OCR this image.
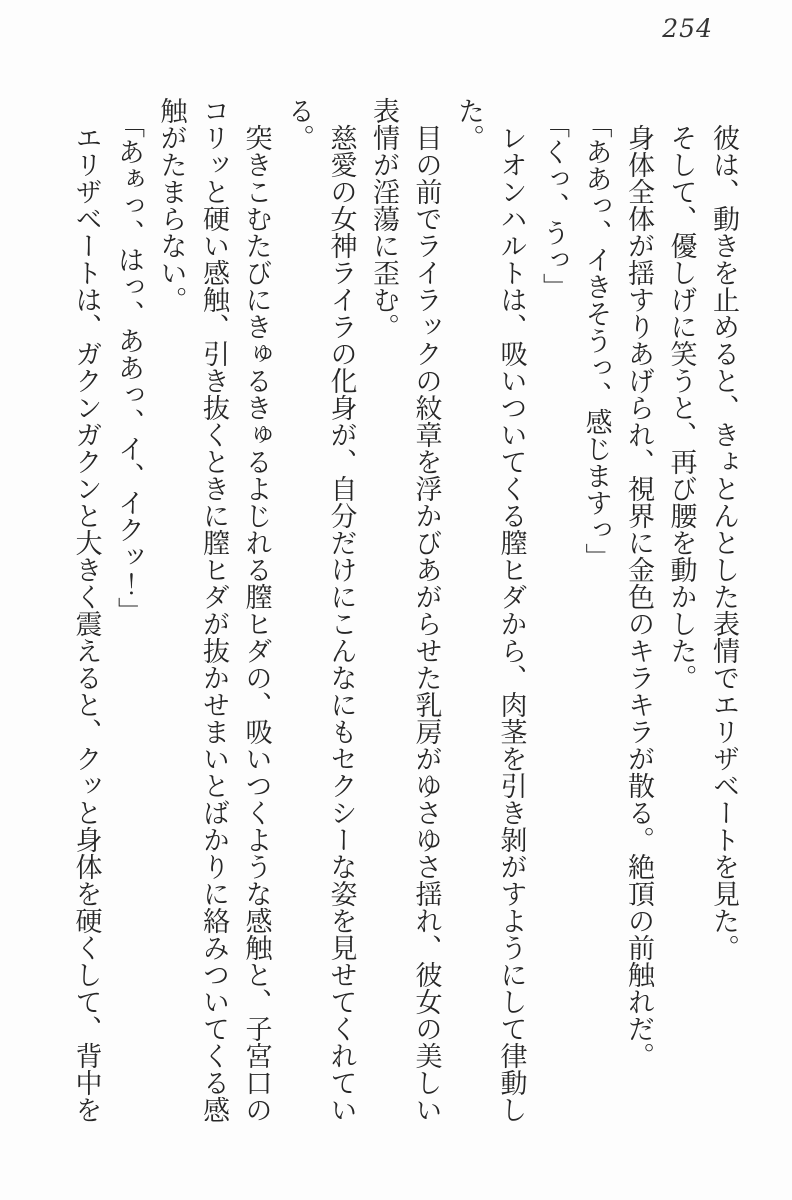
254

彼は、動きを止めると、きょとんとした表情でエリザベートを見た。

そして、優しげに笑うと、再び腰を動かした。

身体全体が揺すりあげられ、視界に金色のキラキラが散る。絶頂の前触れだ。

「ああっ、イきそうっ、感じますっ」

「くっ、うっ」

レオンハルトは、吸いついてくる膣ヒダから、肉茎を引き剝がすようにして律動し

た。

目の前でライラックの紋章を浮かびあがらせた乳房がゆさゆさ揺れ、彼女の美しい

表情が淫蕩に歪む。

慈愛の女神ライラの化身が、自分だけにこんなにもセクシーな姿を見せてくれてい

る。

突きこむたびにきゅるきゅるよじれる膣ヒダの、吸いつくような感触と、子宮口の

コリッと硬い感触、引き抜くときに膣ヒダが抜かせまいとばかりに絡みついてくる感

触がたまらない。

「あぁっ、はっ、ああっ、イ、イクッ！」

エリザベートは、ガクンガクンと大きく震えると、クッと身体を硬くして、背中を
